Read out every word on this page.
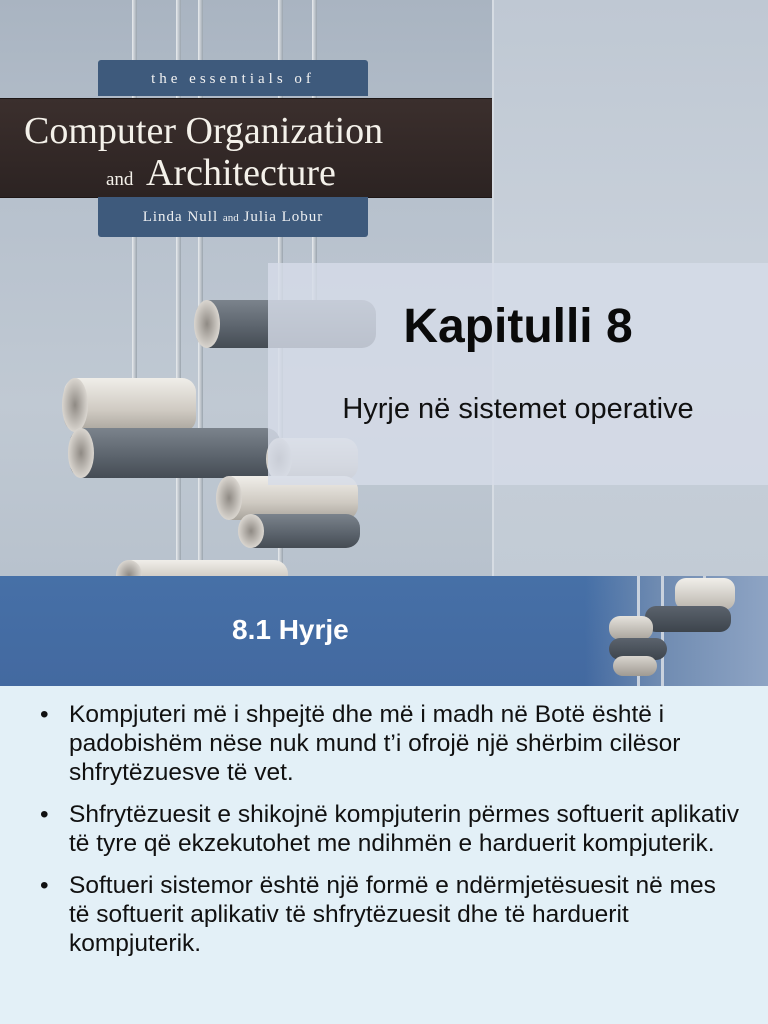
the essentials of
Computer Organization
and Architecture
Linda Null and Julia Lobur
Kapitulli 8
Hyrje në sistemet operative
8.1 Hyrje
• Kompjuteri më i shpejtë dhe më i madh në Botë është i padobishëm nëse nuk mund t’i ofrojë një shërbim cilësor shfrytëzuesve të vet.
• Shfrytëzuesit e shikojnë kompjuterin përmes softuerit aplikativ të tyre që ekzekutohet me ndihmën e harduerit kompjuterik.
• Softueri sistemor është një formë e ndërmjetësuesit në mes të softuerit aplikativ të shfrytëzuesit dhe të harduerit kompjuterik.
